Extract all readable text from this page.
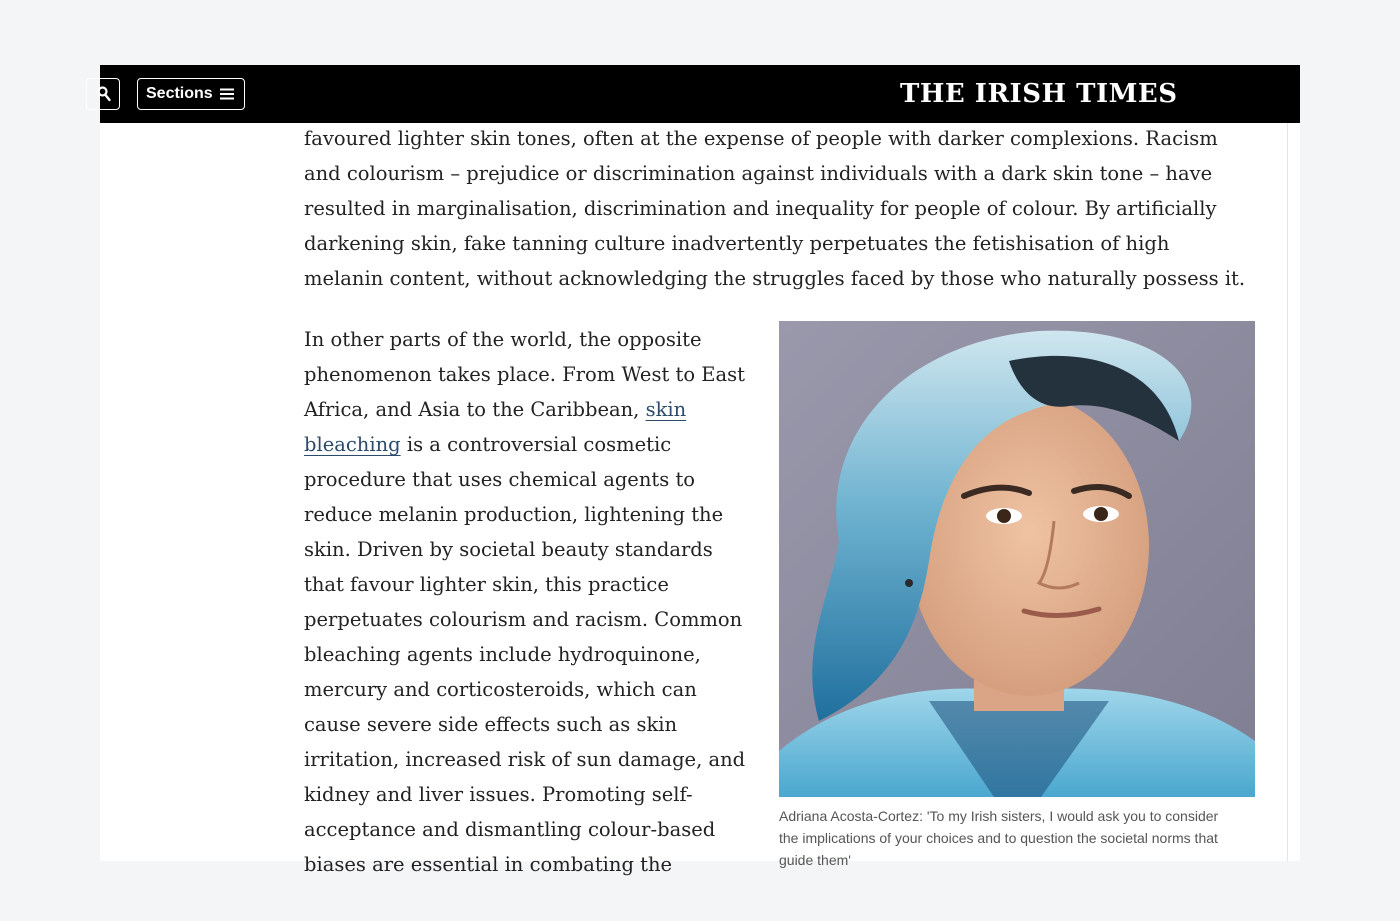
Sections	THE IRISH TIMES

favoured lighter skin tones, often at the expense of people with darker complexions. Racism
and colourism – prejudice or discrimination against individuals with a dark skin tone – have
resulted in marginalisation, discrimination and inequality for people of colour. By artificially
darkening skin, fake tanning culture inadvertently perpetuates the fetishisation of high
melanin content, without acknowledging the struggles faced by those who naturally possess it.

In other parts of the world, the opposite
phenomenon takes place. From West to East
Africa, and Asia to the Caribbean, skin
bleaching is a controversial cosmetic
procedure that uses chemical agents to
reduce melanin production, lightening the
skin. Driven by societal beauty standards
that favour lighter skin, this practice
perpetuates colourism and racism. Common
bleaching agents include hydroquinone,
mercury and corticosteroids, which can
cause severe side effects such as skin
irritation, increased risk of sun damage, and
kidney and liver issues. Promoting self-
acceptance and dismantling colour-based
biases are essential in combating the

Adriana Acosta-Cortez: 'To my Irish sisters, I would ask you to consider
the implications of your choices and to question the societal norms that
guide them'
